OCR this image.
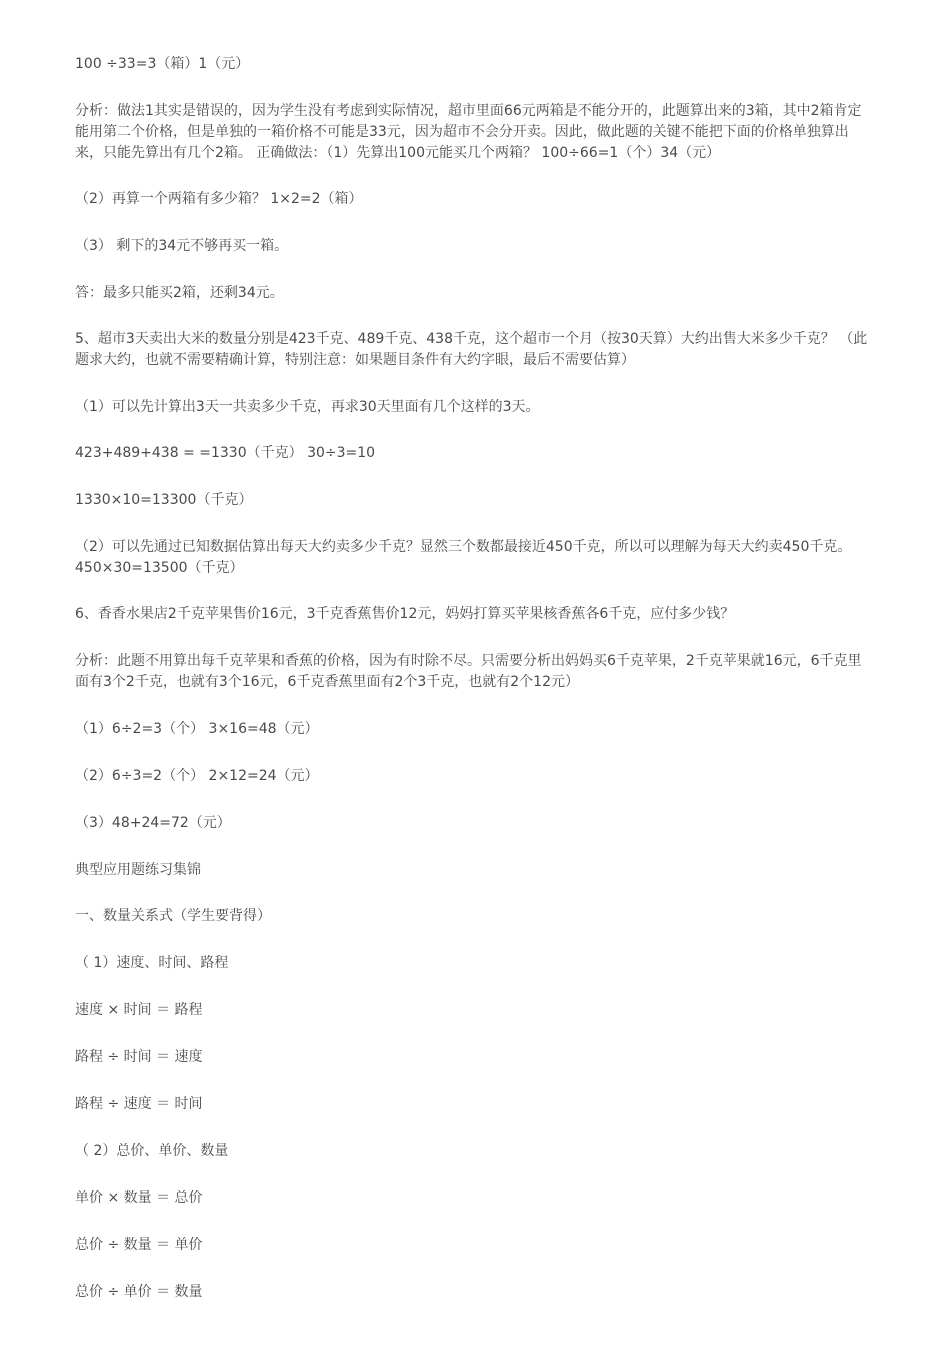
100 ÷33=3（箱）1（元）

分析：做法1其实是错误的，因为学生没有考虑到实际情况，超市里面66元两箱是不能分开的，此题算出来的3箱，其中2箱肯定能用第二个价格，但是单独的一箱价格不可能是33元，因为超市不会分开卖。因此，做此题的关键不能把下面的价格单独算出来，只能先算出有几个2箱。 正确做法：（1）先算出100元能买几个两箱？ 100÷66=1（个）34（元）

（2）再算一个两箱有多少箱？ 1×2=2（箱）

（3） 剩下的34元不够再买一箱。

答：最多只能买2箱，还剩34元。

5、超市3天卖出大米的数量分别是423千克、489千克、438千克，这个超市一个月（按30天算）大约出售大米多少千克？ （此题求大约，也就不需要精确计算，特别注意：如果题目条件有大约字眼，最后不需要估算）

（1）可以先计算出3天一共卖多少千克，再求30天里面有几个这样的3天。

423+489+438 = =1330（千克） 30÷3=10

1330×10=13300（千克）

（2）可以先通过已知数据估算出每天大约卖多少千克？显然三个数都最接近450千克，所以可以理解为每天大约卖450千克。 450×30=13500（千克）

6、香香水果店2千克苹果售价16元，3千克香蕉售价12元，妈妈打算买苹果核香蕉各6千克，应付多少钱？

分析：此题不用算出每千克苹果和香蕉的价格，因为有时除不尽。只需要分析出妈妈买6千克苹果，2千克苹果就16元，6千克里面有3个2千克，也就有3个16元，6千克香蕉里面有2个3千克，也就有2个12元）

（1）6÷2=3（个） 3×16=48（元）

（2）6÷3=2（个） 2×12=24（元）

（3）48+24=72（元）

典型应用题练习集锦

一、数量关系式（学生要背得）

（ 1）速度、时间、路程

速度 × 时间 ＝ 路程

路程 ÷ 时间 ＝ 速度

路程 ÷ 速度 ＝ 时间

（ 2）总价、单价、数量

单价 × 数量 ＝ 总价

总价 ÷ 数量 ＝ 单价

总价 ÷ 单价 ＝ 数量
